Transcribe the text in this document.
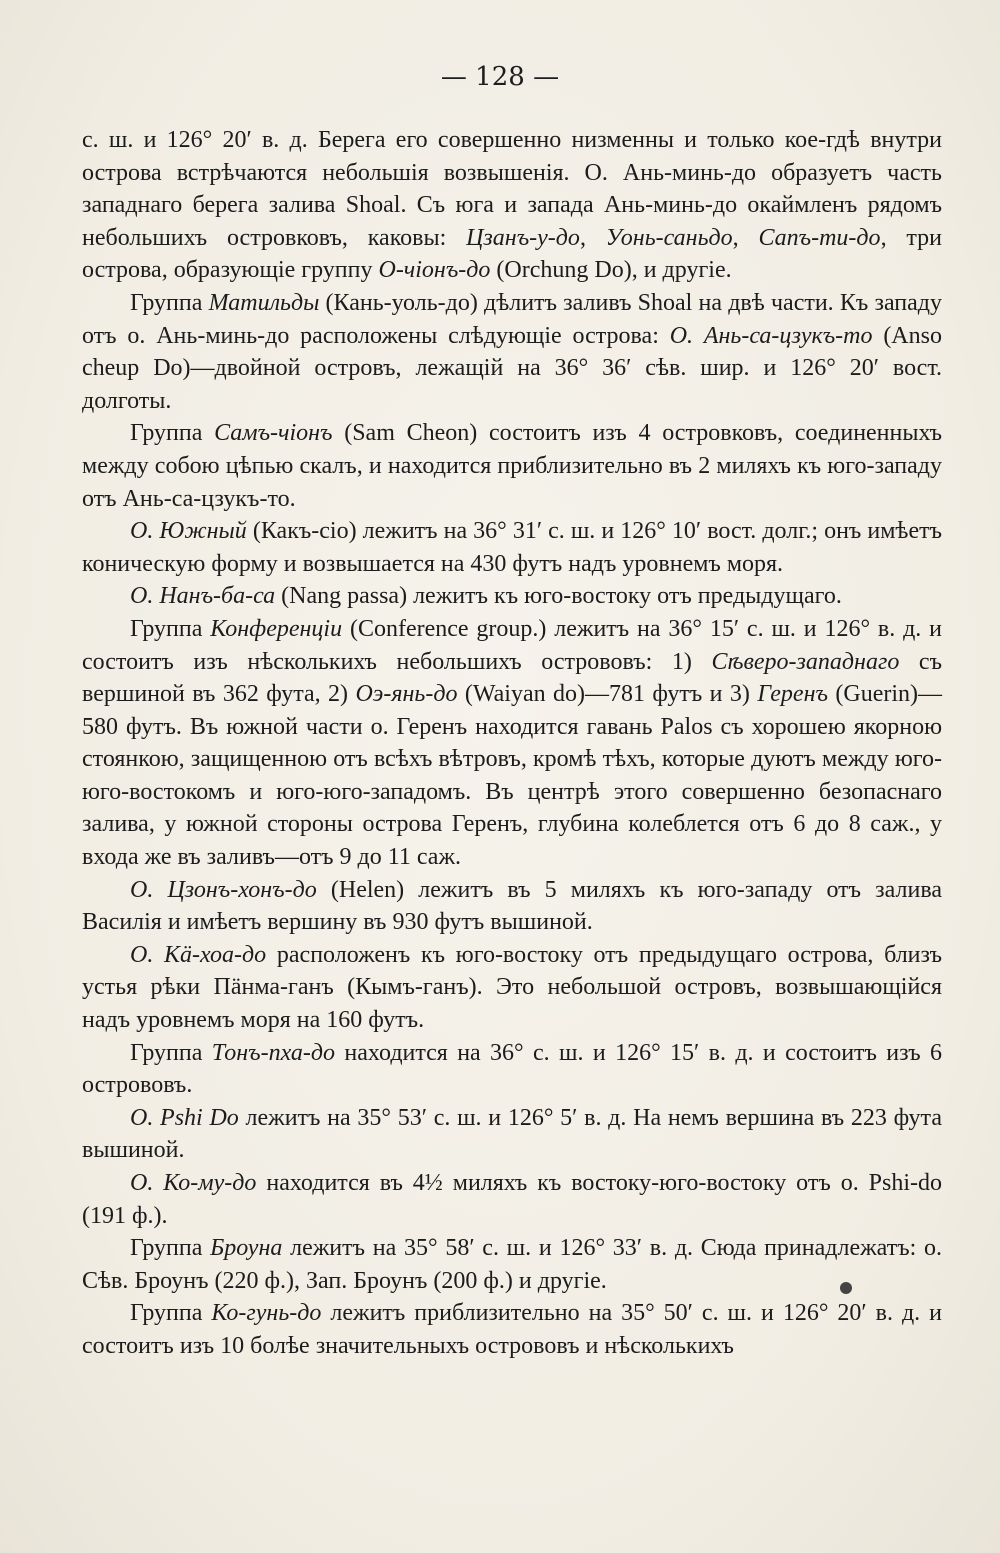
— 128 —

с. ш. и 126° 20′ в. д. Берега его совершенно низменны и только кое-гдѣ внутри острова встрѣчаются небольшія возвышенія. О. Ань-минь-до образуетъ часть западнаго берега залива Shoal. Съ юга и запада Ань-минь-до окаймленъ рядомъ небольшихъ островковъ, каковы: Цзанъ-у-до, Уонь-саньдо, Сапъ-ти-до, три острова, образующіе группу О-чіонъ-до (Orchung Do), и другіе.

Группа Матильды (Кань-уоль-до) дѣлитъ заливъ Shoal на двѣ части. Къ западу отъ о. Ань-минь-до расположены слѣдующіе острова: О. Ань-са-цзукъ-то (Anso cheup Do)—двойной островъ, лежащій на 36° 36′ сѣв. шир. и 126° 20′ вост. долготы.

Группа Самъ-чіонъ (Sam Cheon) состоитъ изъ 4 островковъ, соединенныхъ между собою цѣпью скалъ, и находится приблизительно въ 2 миляхъ къ юго-западу отъ Ань-са-цзукъ-то.

О. Южный (Какъ-сіо) лежитъ на 36° 31′ с. ш. и 126° 10′ вост. долг.; онъ имѣетъ коническую форму и возвышается на 430 футъ надъ уровнемъ моря.

О. Нанъ-ба-са (Nang passa) лежитъ къ юго-востоку отъ предыдущаго.

Группа Конференціи (Conference group.) лежитъ на 36° 15′ с. ш. и 126° в. д. и состоитъ изъ нѣсколькихъ небольшихъ острововъ: 1) Сѣверо-западнаго съ вершиной въ 362 фута, 2) Оэ-янь-до (Waiyan do)—781 футъ и 3) Геренъ (Guerin)—580 футъ. Въ южной части о. Геренъ находится гавань Palos съ хорошею якорною стоянкою, защищенною отъ всѣхъ вѣтровъ, кромѣ тѣхъ, которые дуютъ между юго-юго-востокомъ и юго-юго-западомъ. Въ центрѣ этого совершенно безопаснаго залива, у южной стороны острова Геренъ, глубина колеблется отъ 6 до 8 саж., у входа же въ заливъ—отъ 9 до 11 саж.

О. Цзонъ-хонъ-до (Helen) лежитъ въ 5 миляхъ къ юго-западу отъ залива Василія и имѣетъ вершину въ 930 футъ вышиной.

О. Кä-хоа-до расположенъ къ юго-востоку отъ предыдущаго острова, близъ устья рѣки Пäнма-ганъ (Кымъ-ганъ). Это небольшой островъ, возвышающійся надъ уровнемъ моря на 160 футъ.

Группа Тонъ-пха-до находится на 36° с. ш. и 126° 15′ в. д. и состоитъ изъ 6 острововъ.

О. Pshi Do лежитъ на 35° 53′ с. ш. и 126° 5′ в. д. На немъ вершина въ 223 фута вышиной.

О. Ко-му-до находится въ 4½ миляхъ къ востоку-юго-востоку отъ о. Pshi-do (191 ф.).

Группа Броуна лежитъ на 35° 58′ с. ш. и 126° 33′ в. д. Сюда принадлежатъ: о. Сѣв. Броунъ (220 ф.), Зап. Броунъ (200 ф.) и другіе.

Группа Ко-гунь-до лежитъ приблизительно на 35° 50′ с. ш. и 126° 20′ в. д. и состоитъ изъ 10 болѣе значительныхъ острововъ и нѣсколькихъ
